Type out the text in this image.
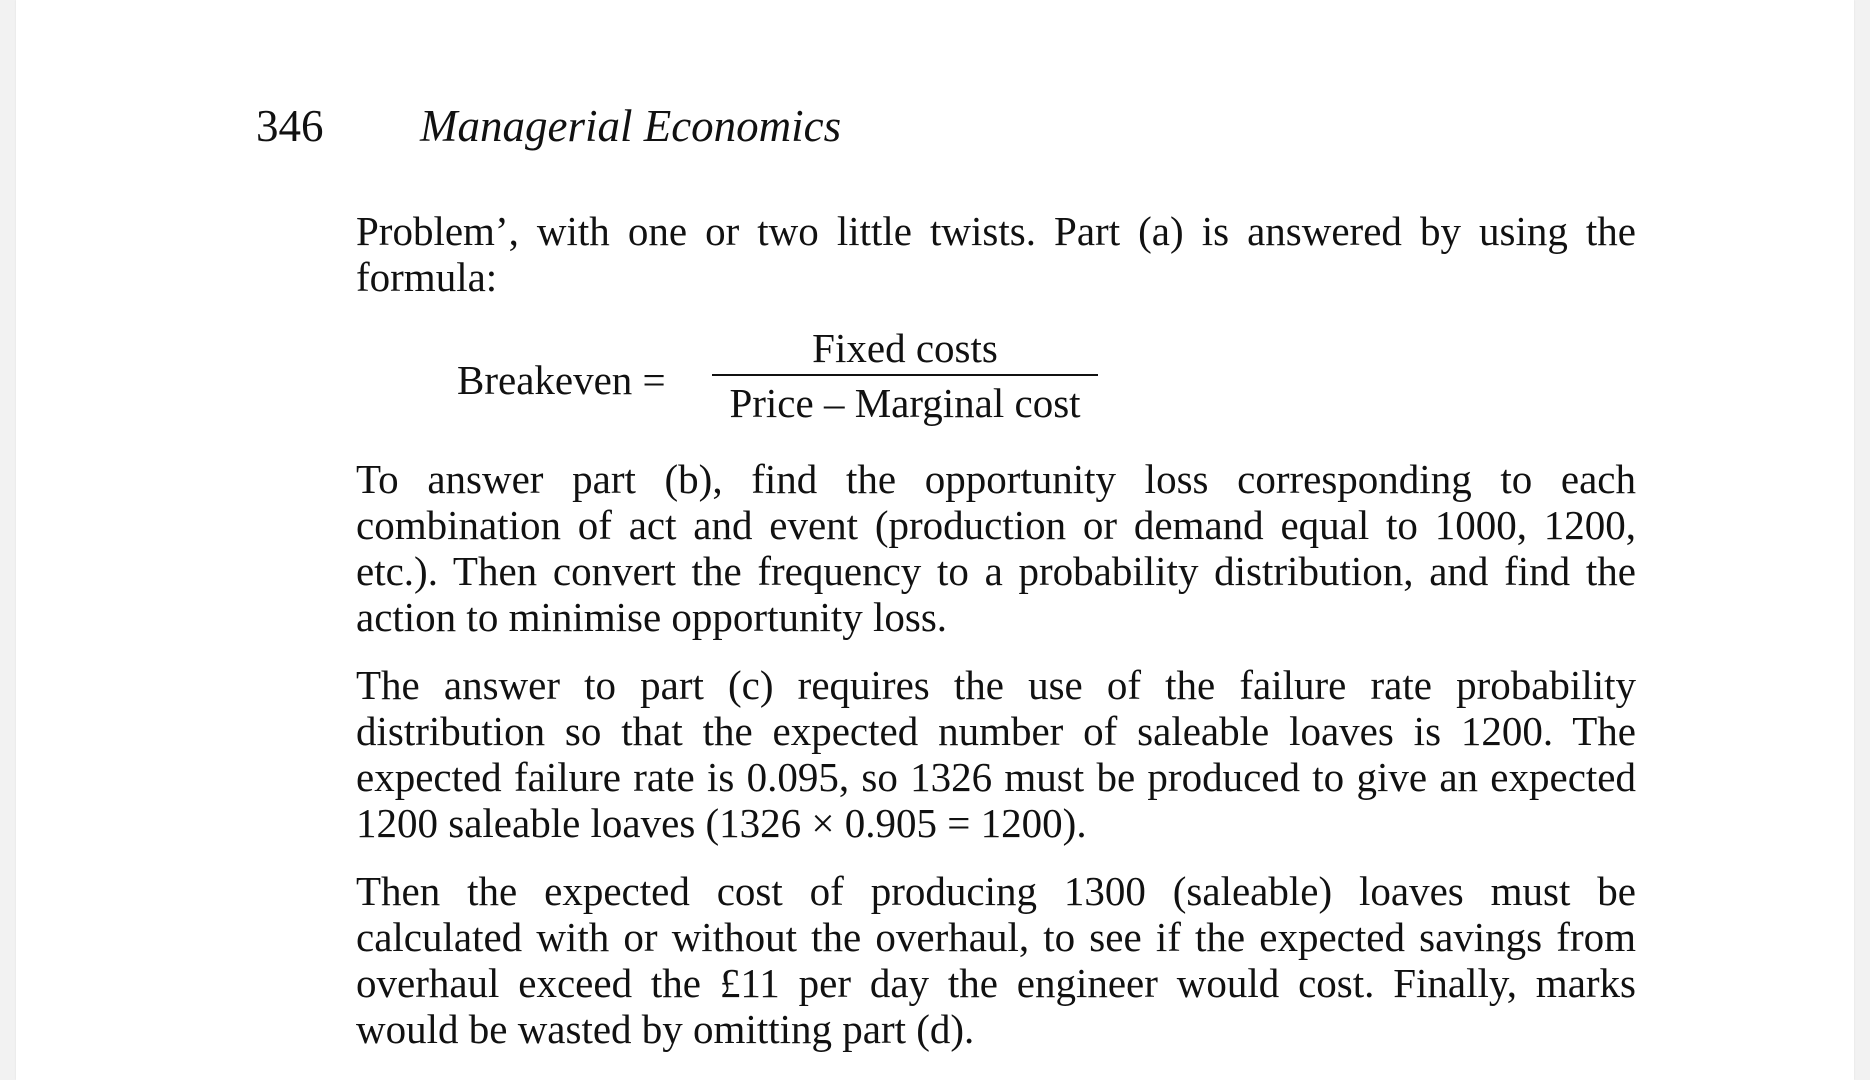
346	Managerial Economics

Problem’, with one or two little twists. Part (a) is answered by using the formula:

Breakeven =
Fixed costs
Price – Marginal cost

To answer part (b), find the opportunity loss corresponding to each combination of act and event (production or demand equal to 1000, 1200, etc.). Then convert the frequency to a probability distribution, and find the action to minimise opportunity loss.

The answer to part (c) requires the use of the failure rate probability distribution so that the expected number of saleable loaves is 1200. The expected failure rate is 0.095, so 1326 must be produced to give an expected 1200 saleable loaves (1326 × 0.905 = 1200).

Then the expected cost of producing 1300 (saleable) loaves must be calculated with or without the overhaul, to see if the expected savings from overhaul exceed the £11 per day the engineer would cost. Finally, marks would be wasted by omitting part (d).
